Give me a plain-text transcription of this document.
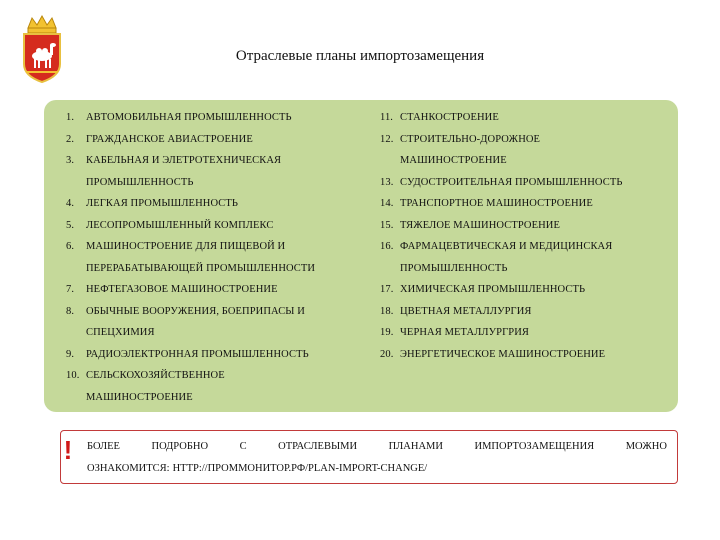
Отраслевые планы импортозамещения
1. АВТОМОБИЛЬНАЯ ПРОМЫШЛЕННОСТЬ
2. ГРАЖДАНСКОЕ АВИАСТРОЕНИЕ
3. КАБЕЛЬНАЯ И ЭЛЕТРОТЕХНИЧЕСКАЯ
ПРОМЫШЛЕННОСТЬ
4. ЛЕГКАЯ ПРОМЫШЛЕННОСТЬ
5. ЛЕСОПРОМЫШЛЕННЫЙ КОМПЛЕКС
6. МАШИНОСТРОЕНИЕ ДЛЯ ПИЩЕВОЙ И
ПЕРЕРАБАТЫВАЮЩЕЙ ПРОМЫШЛЕННОСТИ
7. НЕФТЕГАЗОВОЕ МАШИНОСТРОЕНИЕ
8. ОБЫЧНЫЕ ВООРУЖЕНИЯ, БОЕПРИПАСЫ И
СПЕЦХИМИЯ
9. РАДИОЭЛЕКТРОННАЯ ПРОМЫШЛЕННОСТЬ
10. СЕЛЬСКОХОЗЯЙСТВЕННОЕ
МАШИНОСТРОЕНИЕ
11. СТАНКОСТРОЕНИЕ
12. СТРОИТЕЛЬНО-ДОРОЖНОЕ
МАШИНОСТРОЕНИЕ
13. СУДОСТРОИТЕЛЬНАЯ ПРОМЫШЛЕННОСТЬ
14. ТРАНСПОРТНОЕ МАШИНОСТРОЕНИЕ
15. ТЯЖЕЛОЕ МАШИНОСТРОЕНИЕ
16. ФАРМАЦЕВТИЧЕСКАЯ И МЕДИЦИНСКАЯ
ПРОМЫШЛЕННОСТЬ
17. ХИМИЧЕСКАЯ ПРОМЫШЛЕННОСТЬ
18. ЦВЕТНАЯ МЕТАЛЛУРГИЯ
19. ЧЕРНАЯ МЕТАЛЛУРГРИЯ
20. ЭНЕРГЕТИЧЕСКОЕ МАШИНОСТРОЕНИЕ
! БОЛЕЕ	ПОДРОБНО	С	ОТРАСЛЕВЫМИ	ПЛАНАМИ	ИМПОРТОЗАМЕЩЕНИЯ	МОЖНО
ОЗНАКОМИТСЯ: HTTP://ПРОММОНИТОР.РФ/PLAN-IMPORT-CHANGE/
